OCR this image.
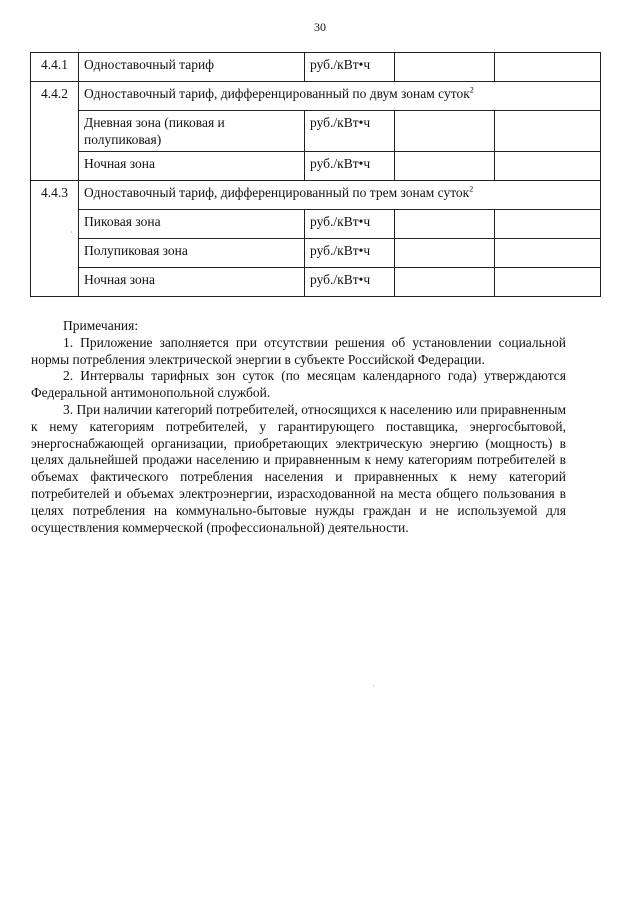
30
4.4.1	Одноставочный тариф	руб./кВт•ч		
4.4.2	Одноставочный тариф, дифференцированный по двум зонам суток$^2$
	Дневная зона (пиковая и полупиковая)	руб./кВт•ч		
	Ночная зона	руб./кВт•ч		
4.4.3	Одноставочный тариф, дифференцированный по трем зонам суток$^2$
	Пиковая зона	руб./кВт•ч		
	Полупиковая зона	руб./кВт•ч		
	Ночная зона	руб./кВт•ч		

Примечания:

1. Приложение заполняется при отсутствии решения об установлении социальной нормы потребления электрической энергии в субъекте Российской Федерации.

2. Интервалы тарифных зон суток (по месяцам календарного года) утверждаются Федеральной антимонопольной службой.

3. При наличии категорий потребителей, относящихся к населению или приравненным к нему категориям потребителей, у гарантирующего поставщика, энергосбытовой, энергоснабжающей организации, приобретающих электрическую энергию (мощность) в целях дальнейшей продажи населению и приравненным к нему категориям потребителей в объемах фактического потребления населения и приравненных к нему категорий потребителей и объемах электроэнергии, израсходованной на места общего пользования в целях потребления на коммунально-бытовые нужды граждан и не используемой для осуществления коммерческой (профессиональной) деятельности.

·
·
